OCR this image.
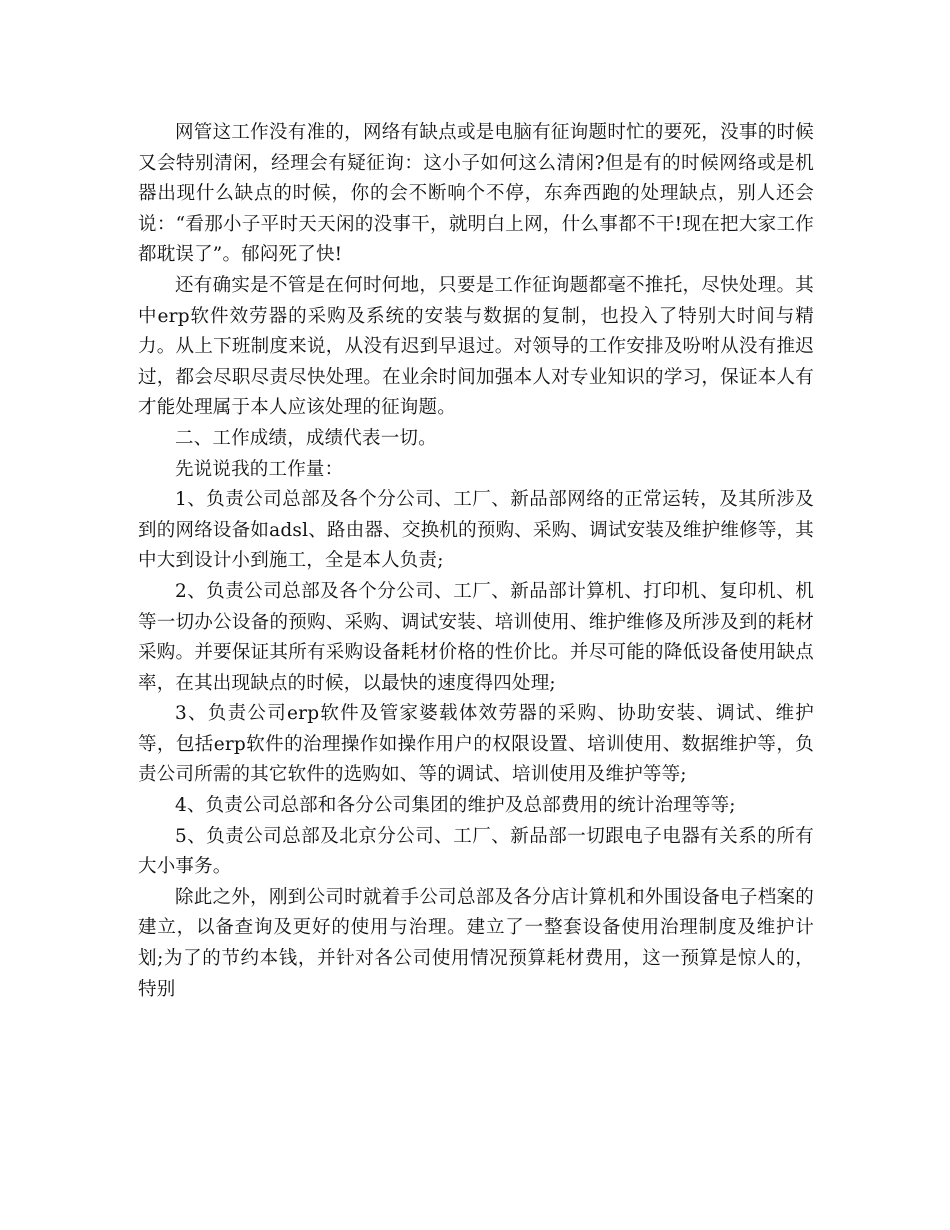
网管这工作没有准的，网络有缺点或是电脑有征询题时忙的要死，没事的时候又会特别清闲，经理会有疑征询：这小子如何这么清闲?但是有的时候网络或是机器出现什么缺点的时候，你的会不断响个不停，东奔西跑的处理缺点，别人还会说：“看那小子平时天天闲的没事干，就明白上网，什么事都不干!现在把大家工作都耽误了”。郁闷死了快!

还有确实是不管是在何时何地，只要是工作征询题都毫不推托，尽快处理。其中erp软件效劳器的采购及系统的安装与数据的复制，也投入了特别大时间与精力。从上下班制度来说，从没有迟到早退过。对领导的工作安排及吩咐从没有推迟过，都会尽职尽责尽快处理。在业余时间加强本人对专业知识的学习，保证本人有才能处理属于本人应该处理的征询题。

二、工作成绩，成绩代表一切。

先说说我的工作量：

1、负责公司总部及各个分公司、工厂、新品部网络的正常运转，及其所涉及到的网络设备如adsl、路由器、交换机的预购、采购、调试安装及维护维修等，其中大到设计小到施工，全是本人负责;

2、负责公司总部及各个分公司、工厂、新品部计算机、打印机、复印机、机等一切办公设备的预购、采购、调试安装、培训使用、维护维修及所涉及到的耗材采购。并要保证其所有采购设备耗材价格的性价比。并尽可能的降低设备使用缺点率，在其出现缺点的时候，以最快的速度得四处理;

3、负责公司erp软件及管家婆载体效劳器的采购、协助安装、调试、维护等，包括erp软件的治理操作如操作用户的权限设置、培训使用、数据维护等，负责公司所需的其它软件的选购如、等的调试、培训使用及维护等等;

4、负责公司总部和各分公司集团的维护及总部费用的统计治理等等;

5、负责公司总部及北京分公司、工厂、新品部一切跟电子电器有关系的所有大小事务。

除此之外，刚到公司时就着手公司总部及各分店计算机和外围设备电子档案的建立，以备查询及更好的使用与治理。建立了一整套设备使用治理制度及维护计划;为了的节约本钱，并针对各公司使用情况预算耗材费用，这一预算是惊人的，特别
